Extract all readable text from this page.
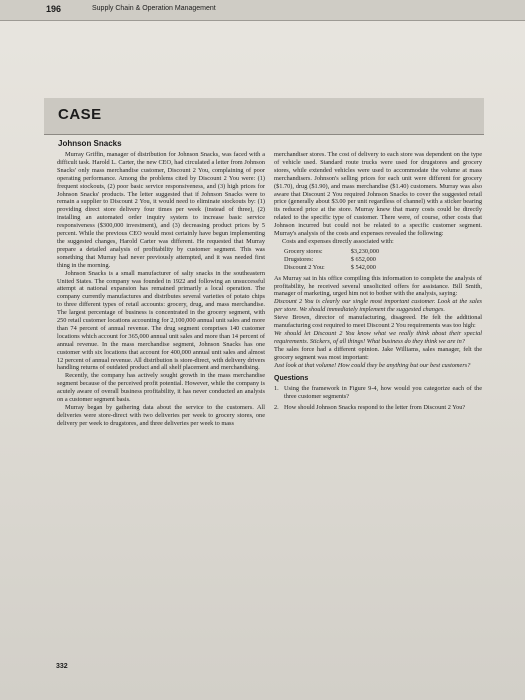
196	Supply Chain & Operation Management
CASE
Johnson Snacks

Murray Griffin, manager of distribution for Johnson Snacks, was faced with a difficult task. Harold L. Carter, the new CEO, had circulated a letter from Johnson Snacks' only mass merchandise customer, Discount 2 You, complaining of poor operating performance. Among the problems cited by Discount 2 You were: (1) frequent stockouts, (2) poor basic service responsiveness, and (3) high prices for Johnson Snacks' products. The letter suggested that if Johnson Snacks were to remain a supplier to Discount 2 You, it would need to eliminate stockouts by: (1) providing direct store delivery four times per week (instead of three), (2) installing an automated order inquiry system to increase basic service responsiveness ($300,000 investment), and (3) decreasing product prices by 5 percent. While the previous CEO would most certainly have begun implementing the suggested changes, Harold Carter was different. He requested that Murray prepare a detailed analysis of profitability by customer segment. This was something that Murray had never previously attempted, and it was needed first thing in the morning.

Johnson Snacks is a small manufacturer of salty snacks in the southeastern United States. The company was founded in 1922 and following an unsuccessful attempt at national expansion has remained primarily a local operation. The company currently manufactures and distributes several varieties of potato chips to three different types of retail accounts: grocery, drug, and mass merchandise. The largest percentage of business is concentrated in the grocery segment, with 250 retail customer locations accounting for 2,100,000 annual unit sales and more than 74 percent of annual revenue. The drug segment comprises 140 customer locations which account for 365,000 annual unit sales and more than 14 percent of annual revenue. In the mass merchandise segment, Johnson Snacks has one customer with six locations that account for 400,000 annual unit sales and almost 12 percent of annual revenue. All distribution is store-direct, with delivery drivers handling returns of outdated product and all shelf placement and merchandising.

Recently, the company has actively sought growth in the mass merchandise segment because of the perceived profit potential. However, while the company is acutely aware of overall business profitability, it has never conducted an analysis on a customer segment basis.

Murray began by gathering data about the service to the customers. All deliveries were store-direct with two deliveries per week to grocery stores, one delivery per week to drugstores, and three deliveries per week to mass

merchandiser stores. The cost of delivery to each store was dependent on the type of vehicle used. Standard route trucks were used for drugstores and grocery stores, while extended vehicles were used to accommodate the volume at mass merchandisers. Johnson's selling prices for each unit were different for grocery ($1.70), drug ($1.90), and mass merchandise ($1.40) customers. Murray was also aware that Discount 2 You required Johnson Snacks to cover the suggested retail price (generally about $3.00 per unit regardless of channel) with a sticker bearing its reduced price at the store. Murray knew that many costs could be directly related to the specific type of customer. There were, of course, other costs that Johnson incurred but could not be related to a specific customer segment. Murray's analysis of the costs and expenses revealed the following:

Costs and expenses directly associated with:

Grocery stores:	$3,230,000
Drugstores:	$ 652,000
Discount 2 You:	$ 542,000

As Murray sat in his office compiling this information to complete the analysis of profitability, he received several unsolicited offers for assistance. Bill Smith, manager of marketing, urged him not to bother with the analysis, saying:

Discount 2 You is clearly our single most important customer. Look at the sales per store. We should immediately implement the suggested changes.

Steve Brown, director of manufacturing, disagreed. He felt the additional manufacturing cost required to meet Discount 2 You requirements was too high:

We should let Discount 2 You know what we really think about their special requirements. Stickers, of all things! What business do they think we are in?

The sales force had a different opinion. Jake Williams, sales manager, felt the grocery segment was most important:

Just look at that volume! How could they be anything but our best customers?

Questions
1. Using the framework in Figure 9-4, how would you categorize each of the three customer segments?
2. How should Johnson Snacks respond to the letter from Discount 2 You?
332
